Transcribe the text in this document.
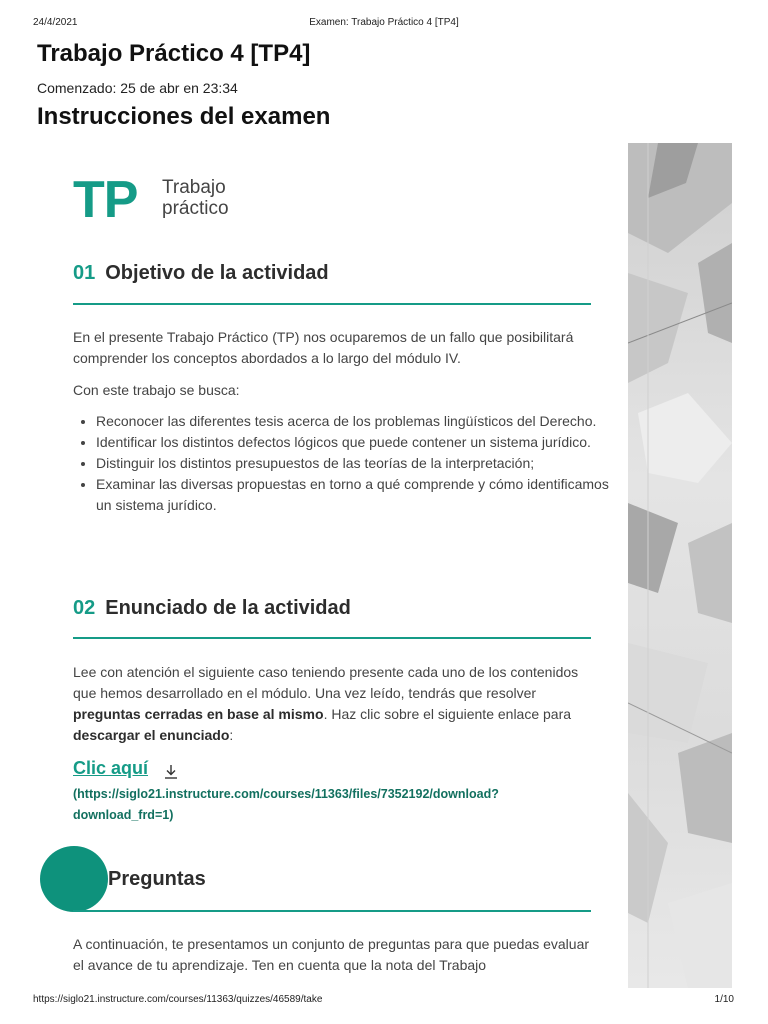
24/4/2021	Examen: Trabajo Práctico 4 [TP4]
Trabajo Práctico 4 [TP4]
Comenzado: 25 de abr en 23:34
Instrucciones del examen
TP Trabajo
práctico
01 Objetivo de la actividad

En el presente Trabajo Práctico (TP) nos ocuparemos de un fallo que posibilitará comprender los conceptos abordados a lo largo del módulo IV.

Con este trabajo se busca:

• Reconocer las diferentes tesis acerca de los problemas lingüísticos del Derecho.
• Identificar los distintos defectos lógicos que puede contener un sistema jurídico.
• Distinguir los distintos presupuestos de las teorías de la interpretación;
• Examinar las diversas propuestas en torno a qué comprende y cómo identificamos un sistema jurídico.
02 Enunciado de la actividad

Lee con atención el siguiente caso teniendo presente cada uno de los contenidos que hemos desarrollado en el módulo. Una vez leído, tendrás que resolver preguntas cerradas en base al mismo. Haz clic sobre el siguiente enlace para descargar el enunciado:

Clic aquí
(https://siglo21.instructure.com/courses/11363/files/7352192/download?download_frd=1)
Preguntas

A continuación, te presentamos un conjunto de preguntas para que puedas evaluar el avance de tu aprendizaje. Ten en cuenta que la nota del Trabajo

https://siglo21.instructure.com/courses/11363/quizzes/46589/take	1/10
